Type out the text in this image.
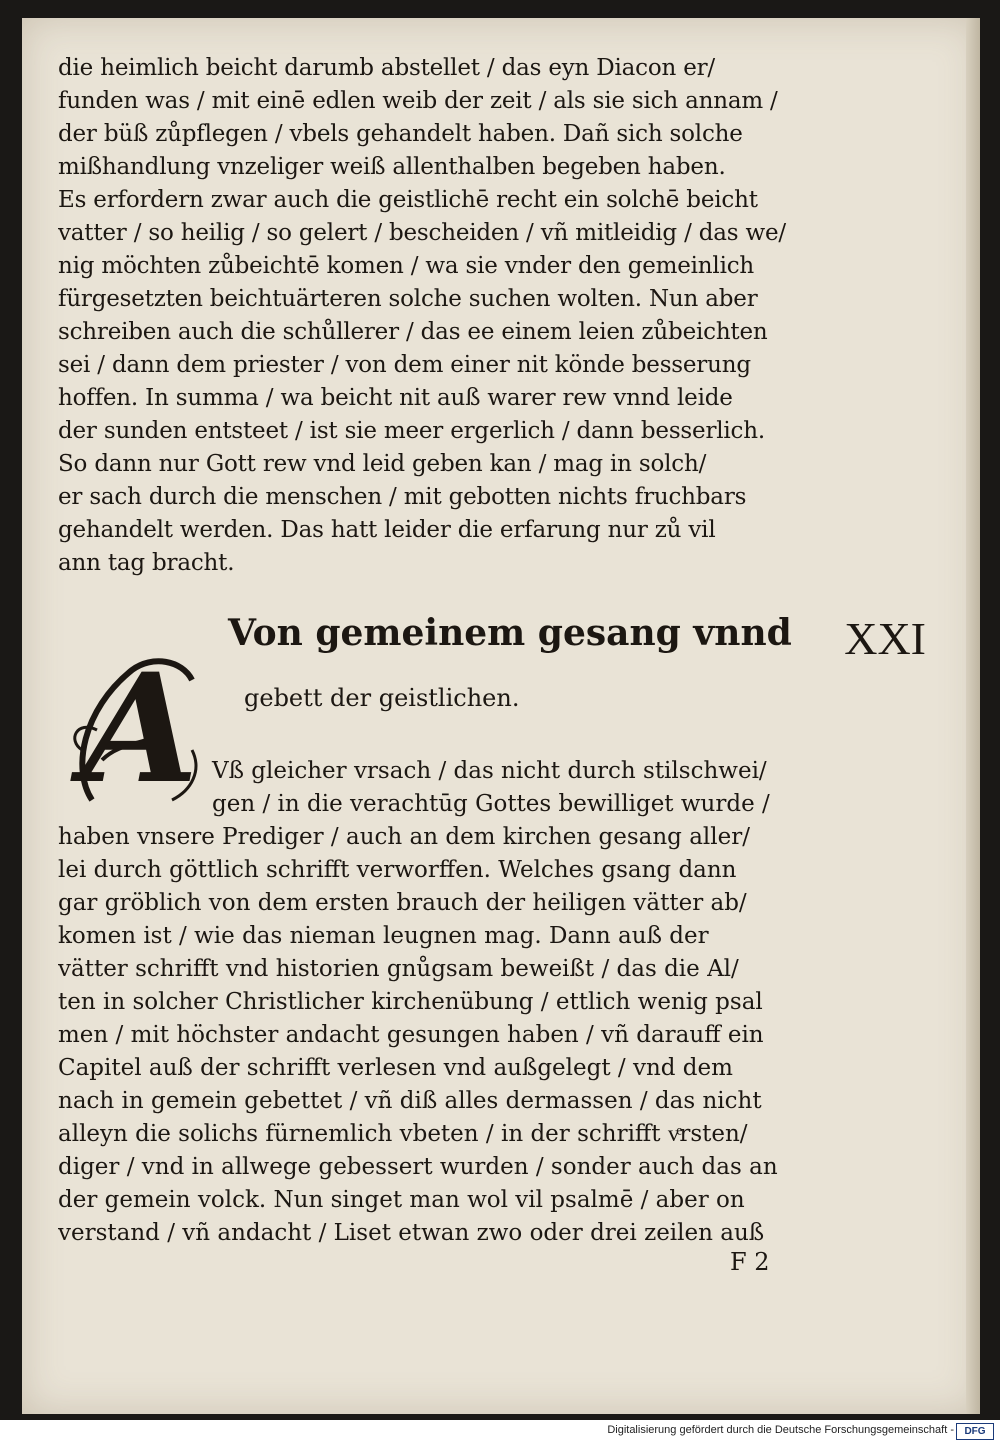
die heimlich beicht darumb abstellet / das eyn Diacon er/
funden was / mit einē edlen weib der zeit / als sie sich annam /
der büß zůpflegen / vbels gehandelt haben. Dañ sich solche
mißhandlung vnzeliger weiß allenthalben begeben haben.
Es erfordern zwar auch die geistlichē recht ein solchē beicht
vatter / so heilig / so gelert / bescheiden / vñ mitleidig / das we/
nig möchten zůbeichtē komen / wa sie vnder den gemeinlich
fürgesetzten beichtuärteren solche suchen wolten. Nun aber
schreiben auch die schůllerer / das ee einem leien zůbeichten
sei / dann dem priester / von dem einer nit könde besserung
hoffen. In summa / wa beicht nit auß warer rew vnnd leide
der sunden entsteet / ist sie meer ergerlich / dann besserlich.
So dann nur Gott rew vnd leid geben kan / mag in solch/
er sach durch die menschen / mit gebotten nichts fruchbars
gehandelt werden. Das hatt leider die erfarung nur zů vil
ann tag bracht.
Von gemeinem gesang vnnd XXI
gebett der geistlichen.
A Vß gleicher vrsach / das nicht durch stilschwei/
gen / in die verachtūg Gottes bewilliget wurde /
haben vnsere Prediger / auch an dem kirchen gesang aller/
lei durch göttlich schrifft verworffen. Welches gsang dann
gar gröblich von dem ersten brauch der heiligen vätter ab/
komen ist / wie das nieman leugnen mag. Dann auß der
vätter schrifft vnd historien gnůgsam beweißt / das die Al/
ten in solcher Christlicher kirchenübung / ettlich wenig psal
men / mit höchster andacht gesungen haben / vñ darauff ein
Capitel auß der schrifft verlesen vnd außgelegt / vnd dem
nach in gemein gebettet / vñ diß alles dermassen / das nicht
alleyn die solichs fürnemlich vbeten / in der schrifft vͤrsten/
diger / vnd in allwege gebessert wurden / sonder auch das an
der gemein volck. Nun singet man wol vil psalmē / aber on
verstand / vñ andacht / Liset etwan zwo oder drei zeilen auß
F 2
Digitalisierung gefördert durch die Deutsche Forschungsgemeinschaft -	DFG
